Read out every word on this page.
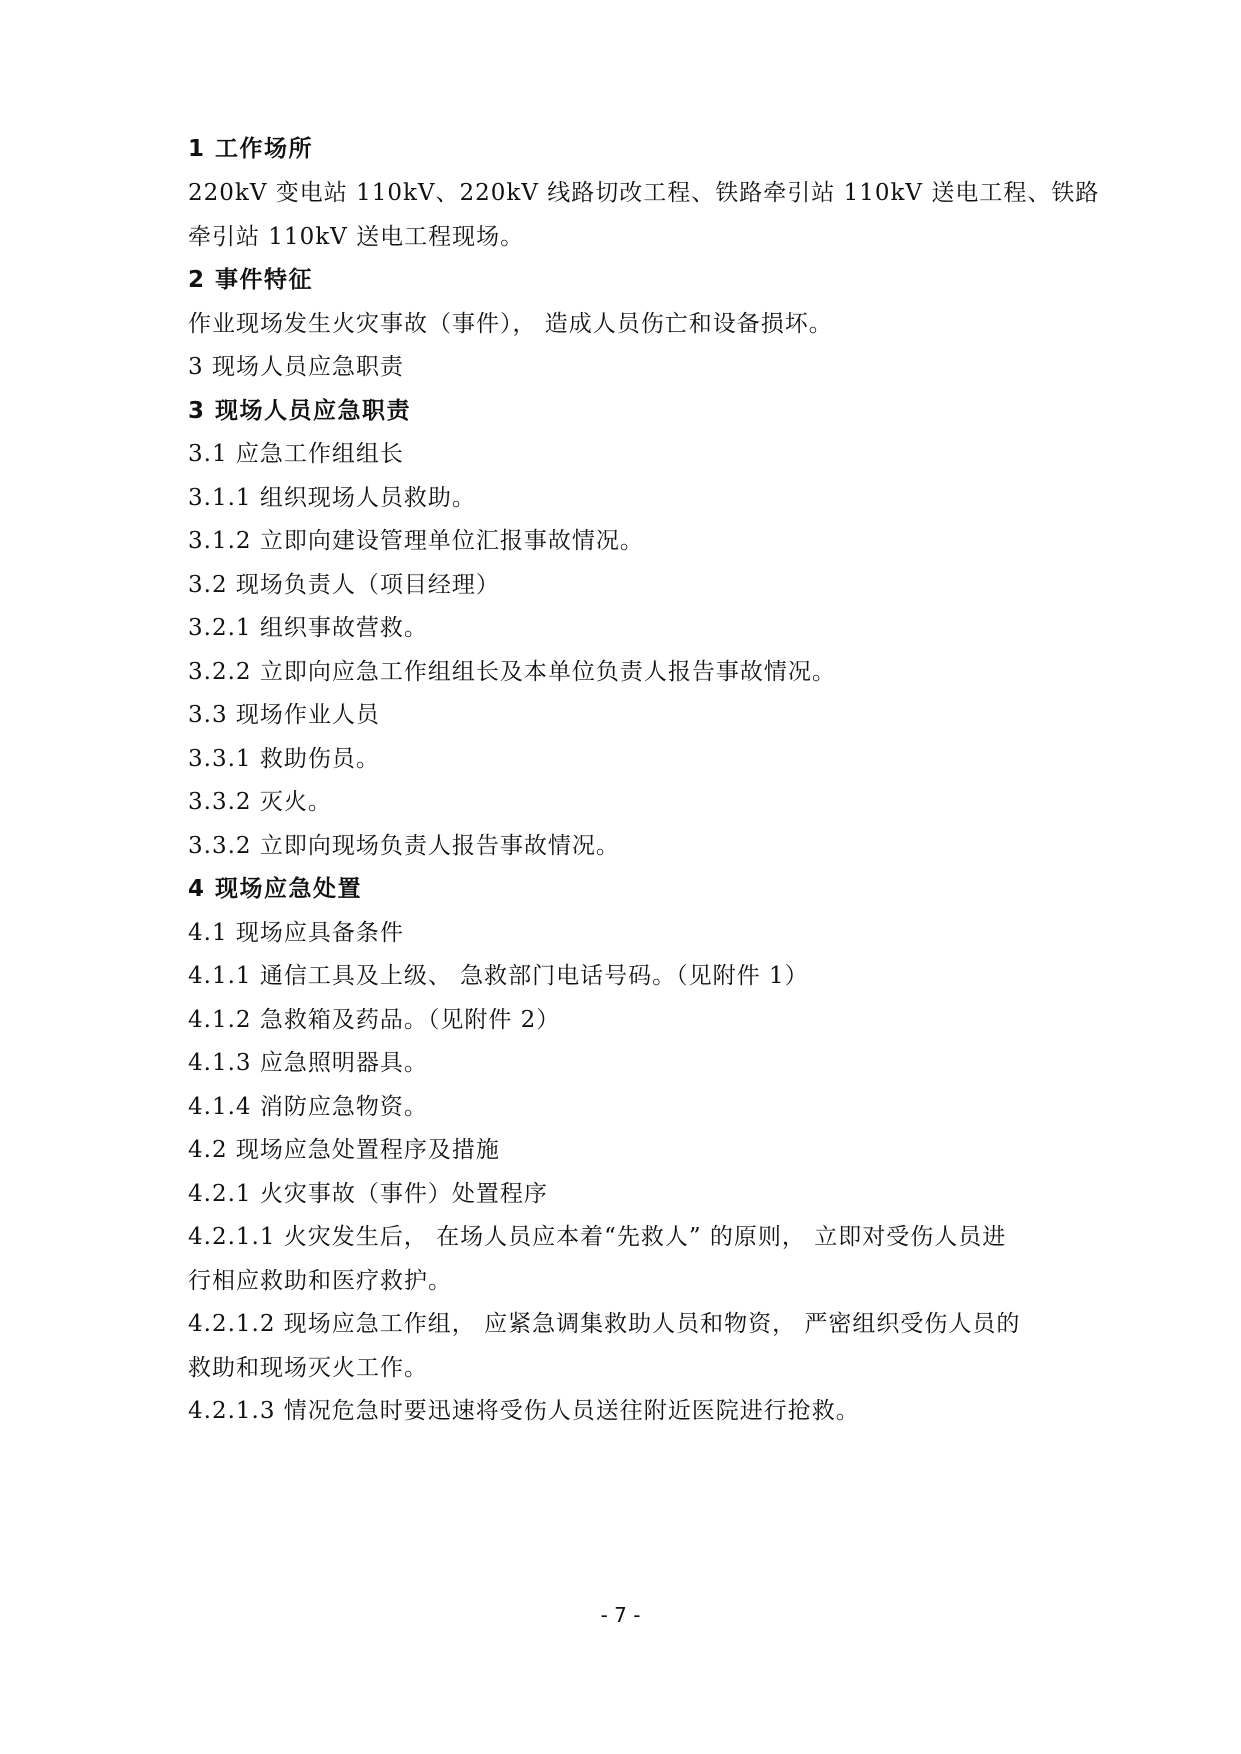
1 工作场所
220kV 变电站 110kV、220kV 线路切改工程、铁路牵引站 110kV 送电工程、铁路
牵引站 110kV 送电工程现场。
2 事件特征
作业现场发生火灾事故（事件）， 造成人员伤亡和设备损坏。
3 现场人员应急职责
3 现场人员应急职责
3.1 应急工作组组长
3.1.1 组织现场人员救助。
3.1.2 立即向建设管理单位汇报事故情况。
3.2 现场负责人（项目经理）
3.2.1 组织事故营救。
3.2.2 立即向应急工作组组长及本单位负责人报告事故情况。
3.3 现场作业人员
3.3.1 救助伤员。
3.3.2 灭火。
3.3.2 立即向现场负责人报告事故情况。
4 现场应急处置
4.1 现场应具备条件
4.1.1 通信工具及上级、 急救部门电话号码。（见附件 1）
4.1.2 急救箱及药品。（见附件 2）
4.1.3 应急照明器具。
4.1.4 消防应急物资。
4.2 现场应急处置程序及措施
4.2.1 火灾事故（事件）处置程序
4.2.1.1 火灾发生后， 在场人员应本着“先救人” 的原则， 立即对受伤人员进
行相应救助和医疗救护。
4.2.1.2 现场应急工作组， 应紧急调集救助人员和物资， 严密组织受伤人员的
救助和现场灭火工作。
4.2.1.3 情况危急时要迅速将受伤人员送往附近医院进行抢救。
- 7 -
